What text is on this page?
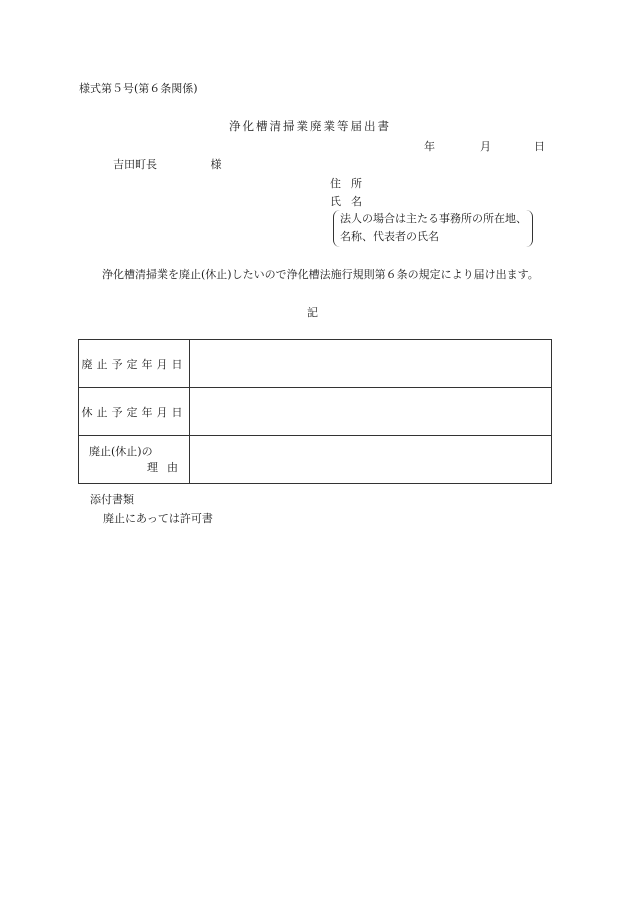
様式第５号(第６条関係)
浄化槽清掃業廃業等届出書
年	月	日
吉田町長	様
住所
氏名
法人の場合は主たる事務所の所在地、名称、代表者の氏名
浄化槽清掃業を廃止(休止)したいので浄化槽法施行規則第６条の規定により届け出ます。
記
廃止予定年月日	
休止予定年月日	

廃止(休止)の
理由	

添付書類
廃止にあっては許可書
